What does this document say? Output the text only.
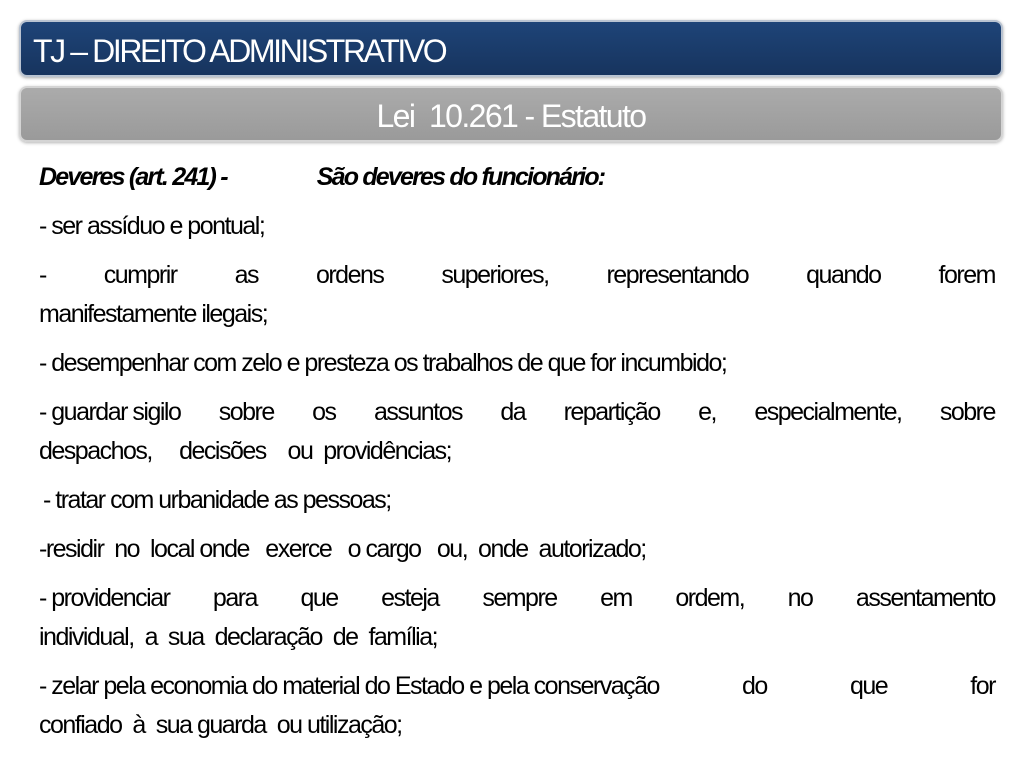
TJ – DIREITO ADMINISTRATIVO
Lei  10.261 - Estatuto
Deveres (art. 241) -	São deveres do funcionário:
- ser assíduo e pontual;
- cumprir as ordens superiores, representando quando forem
manifestamente ilegais;
- desempenhar com zelo e presteza os trabalhos de que for incumbido;
- guardar sigilo sobre os assuntos da repartição e, especialmente, sobre
despachos,     decisões    ou  providências;
- tratar com urbanidade as pessoas;
-residir  no  local onde   exerce   o cargo   ou,  onde  autorizado;
- providenciar para que esteja sempre em ordem, no assentamento
individual,  a  sua  declaração  de  família;
- zelar pela economia do material do Estado e pela conservação	do	que	for
confiado  à  sua guarda  ou utilização;
